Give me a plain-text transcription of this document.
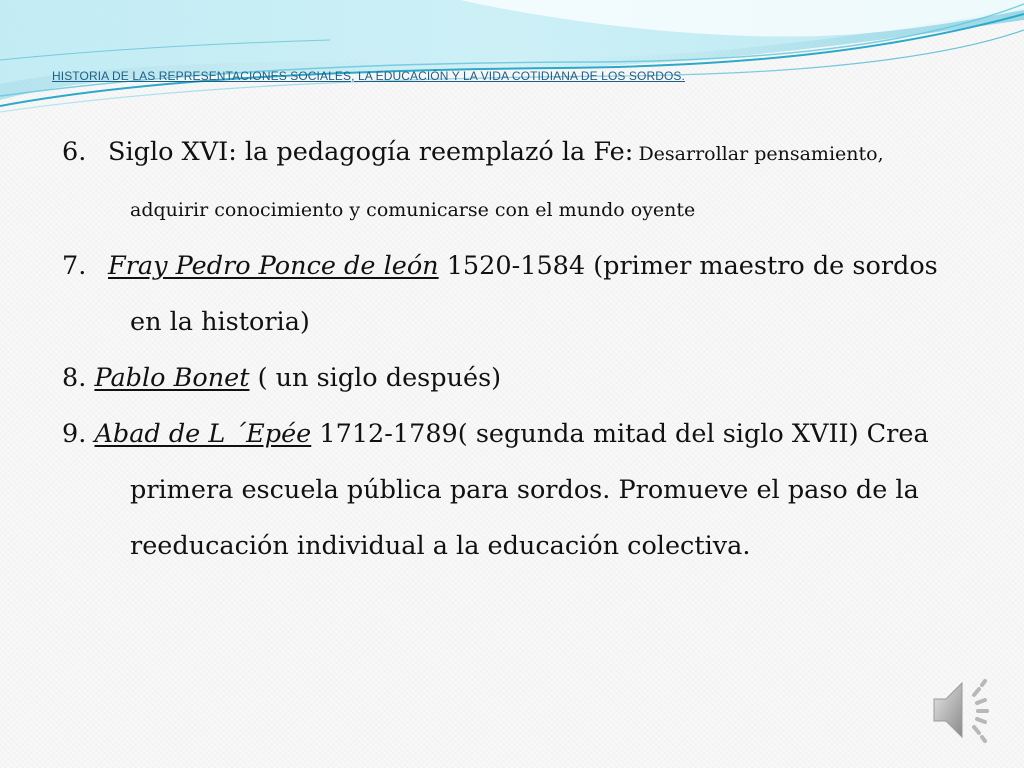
HISTORIA DE LAS REPRESENTACIONES SOCIALES, LA EDUCACIÓN Y LA VIDA COTIDIANA DE LOS SORDOS.

6. Siglo XVI: la pedagogía reemplazó la Fe: Desarrollar pensamiento, adquirir conocimiento y comunicarse con el mundo oyente

7. Fray Pedro Ponce de león 1520-1584 (primer maestro de sordos en la historia)

8. Pablo Bonet ( un siglo después)

9. Abad de L ´Epée 1712-1789( segunda mitad del siglo XVII) Crea primera escuela pública para sordos. Promueve el paso de la reeducación individual a la educación colectiva.
